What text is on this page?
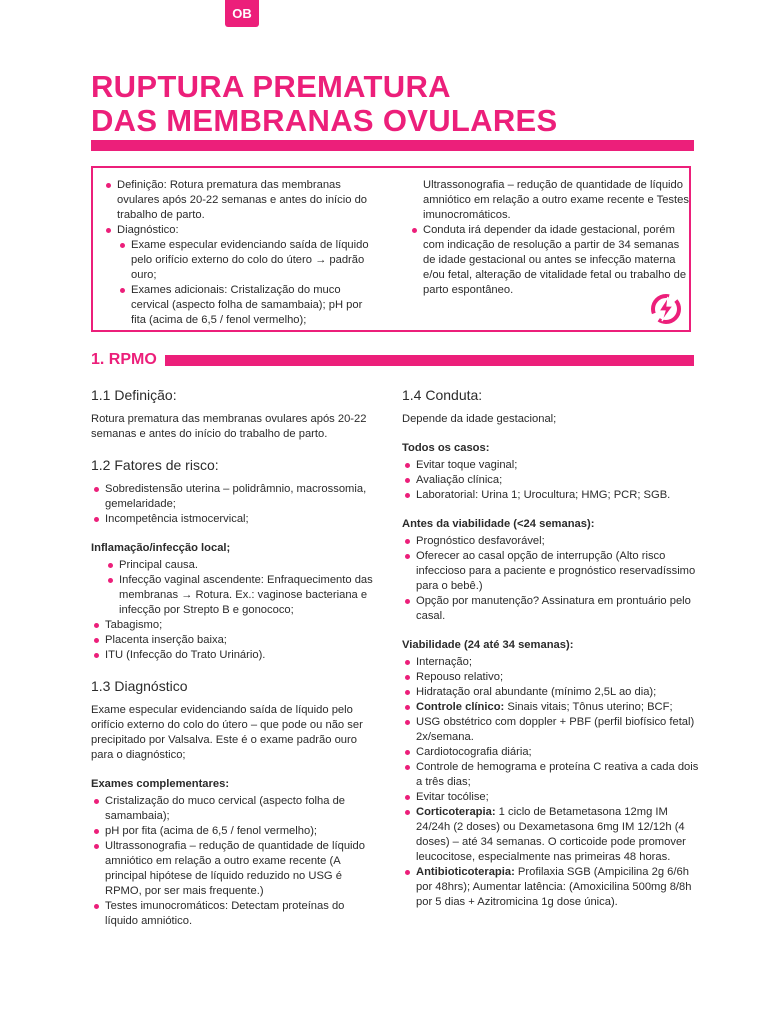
OB
RUPTURA PREMATURA
DAS MEMBRANAS OVULARES
Definição: Rotura prematura das membranas ovulares após 20-22 semanas e antes do início do trabalho de parto.
Diagnóstico:
Exame especular evidenciando saída de líquido pelo orifício externo do colo do útero → padrão ouro;
Exames adicionais: Cristalização do muco cervical (aspecto folha de samambaia); pH por fita (acima de 6,5 / fenol vermelho);

Ultrassonografia – redução de quantidade de líquido amniótico em relação a outro exame recente e Testes imunocromáticos.

Conduta irá depender da idade gestacional, porém com indicação de resolução a partir de 34 semanas de idade gestacional ou antes se infecção materna e/ou fetal, alteração de vitalidade fetal ou trabalho de parto espontâneo.
1. RPMO
1.1 Definição:

Rotura prematura das membranas ovulares após 20-22 semanas e antes do início do trabalho de parto.

1.2 Fatores de risco:
Sobredistensão uterina – polidrâmnio, macrossomia, gemelaridade;
Incompetência istmocervical;

Inflamação/infecção local;

Principal causa.
Infecção vaginal ascendente: Enfraquecimento das membranas → Rotura. Ex.: vaginose bacteriana e infecção por Strepto B e gonococo;
Tabagismo;
Placenta inserção baixa;
ITU (Infecção do Trato Urinário).
1.3 Diagnóstico

Exame especular evidenciando saída de líquido pelo orifício externo do colo do útero – que pode ou não ser precipitado por Valsalva. Este é o exame padrão ouro para o diagnóstico;

Exames complementares:

Cristalização do muco cervical (aspecto folha de samambaia);
pH por fita (acima de 6,5 / fenol vermelho);
Ultrassonografia – redução de quantidade de líquido amniótico em relação a outro exame recente (A principal hipótese de líquido reduzido no USG é RPMO, por ser mais frequente.)
Testes imunocromáticos: Detectam proteínas do líquido amniótico.
1.4 Conduta:

Depende da idade gestacional;

Todos os casos:

Evitar toque vaginal;
Avaliação clínica;
Laboratorial: Urina 1; Urocultura; HMG; PCR; SGB.

Antes da viabilidade (<24 semanas):

Prognóstico desfavorável;
Oferecer ao casal opção de interrupção (Alto risco infeccioso para a paciente e prognóstico reservadíssimo para o bebê.)
Opção por manutenção? Assinatura em prontuário pelo casal.

Viabilidade (24 até 34 semanas):

Internação;
Repouso relativo;
Hidratação oral abundante (mínimo 2,5L ao dia);
Controle clínico: Sinais vitais; Tônus uterino; BCF;
USG obstétrico com doppler + PBF (perfil biofísico fetal) 2x/semana.
Cardiotocografia diária;
Controle de hemograma e proteína C reativa a cada dois a três dias;
Evitar tocólise;
Corticoterapia: 1 ciclo de Betametasona 12mg IM 24/24h (2 doses) ou Dexametasona 6mg IM 12/12h (4 doses) – até 34 semanas. O corticoide pode promover leucocitose, especialmente nas primeiras 48 horas.
Antibioticoterapia: Profilaxia SGB (Ampicilina 2g 6/6h por 48hrs); Aumentar latência: (Amoxicilina 500mg 8/8h por 5 dias + Azitromicina 1g dose única).
